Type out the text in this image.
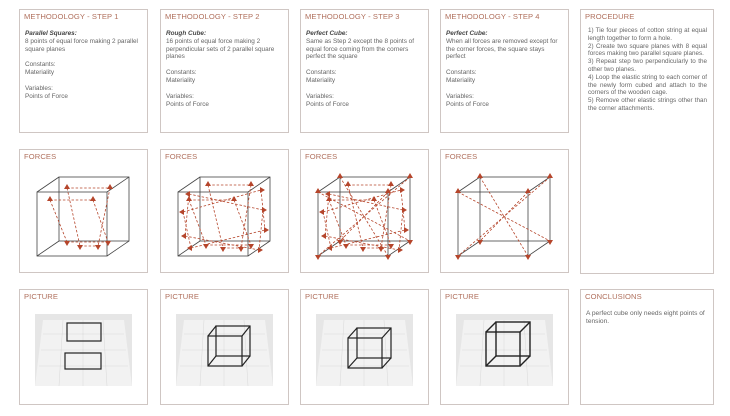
METHODOLOGY - STEP 1

Parallel Squares:

8 points of equal force making 2 parallel square planes

Constants:

Materiality

Variables:

Points of Force

METHODOLOGY - STEP 2

Rough Cube:

16 points of equal force making 2 perpendicular sets of 2 parallel square planes

Constants:

Materiality

Variables:

Points of Force

METHODOLOGY - STEP 3

Perfect Cube:

Same as Step 2 except the 8 points of equal force coming from the corners perfect the square

Constants:

Materiality

Variables:

Points of Force

METHODOLOGY - STEP 4

Perfect Cube:

When all forces are removed except for the corner forces, the square stays perfect

Constants:

Materiality

Variables:

Points of Force

PROCEDURE

1) Tie four pieces of cotton string at equal length together to form a hole.

2) Create two square planes with 8 equal forces making two parallel square planes.

3) Repeat step two perpendicularly to the other two planes.

4) Loop the elastic string to each corner of the newly form cubed and attach to the corners of the wooden cage.

5) Remove other elastic strings other than the corner attachments.

FORCES	FORCES	FORCES	FORCES
PICTURE	PICTURE	PICTURE	PICTURE	CONCLUSIONS
A perfect cube only needs eight points of tension.
